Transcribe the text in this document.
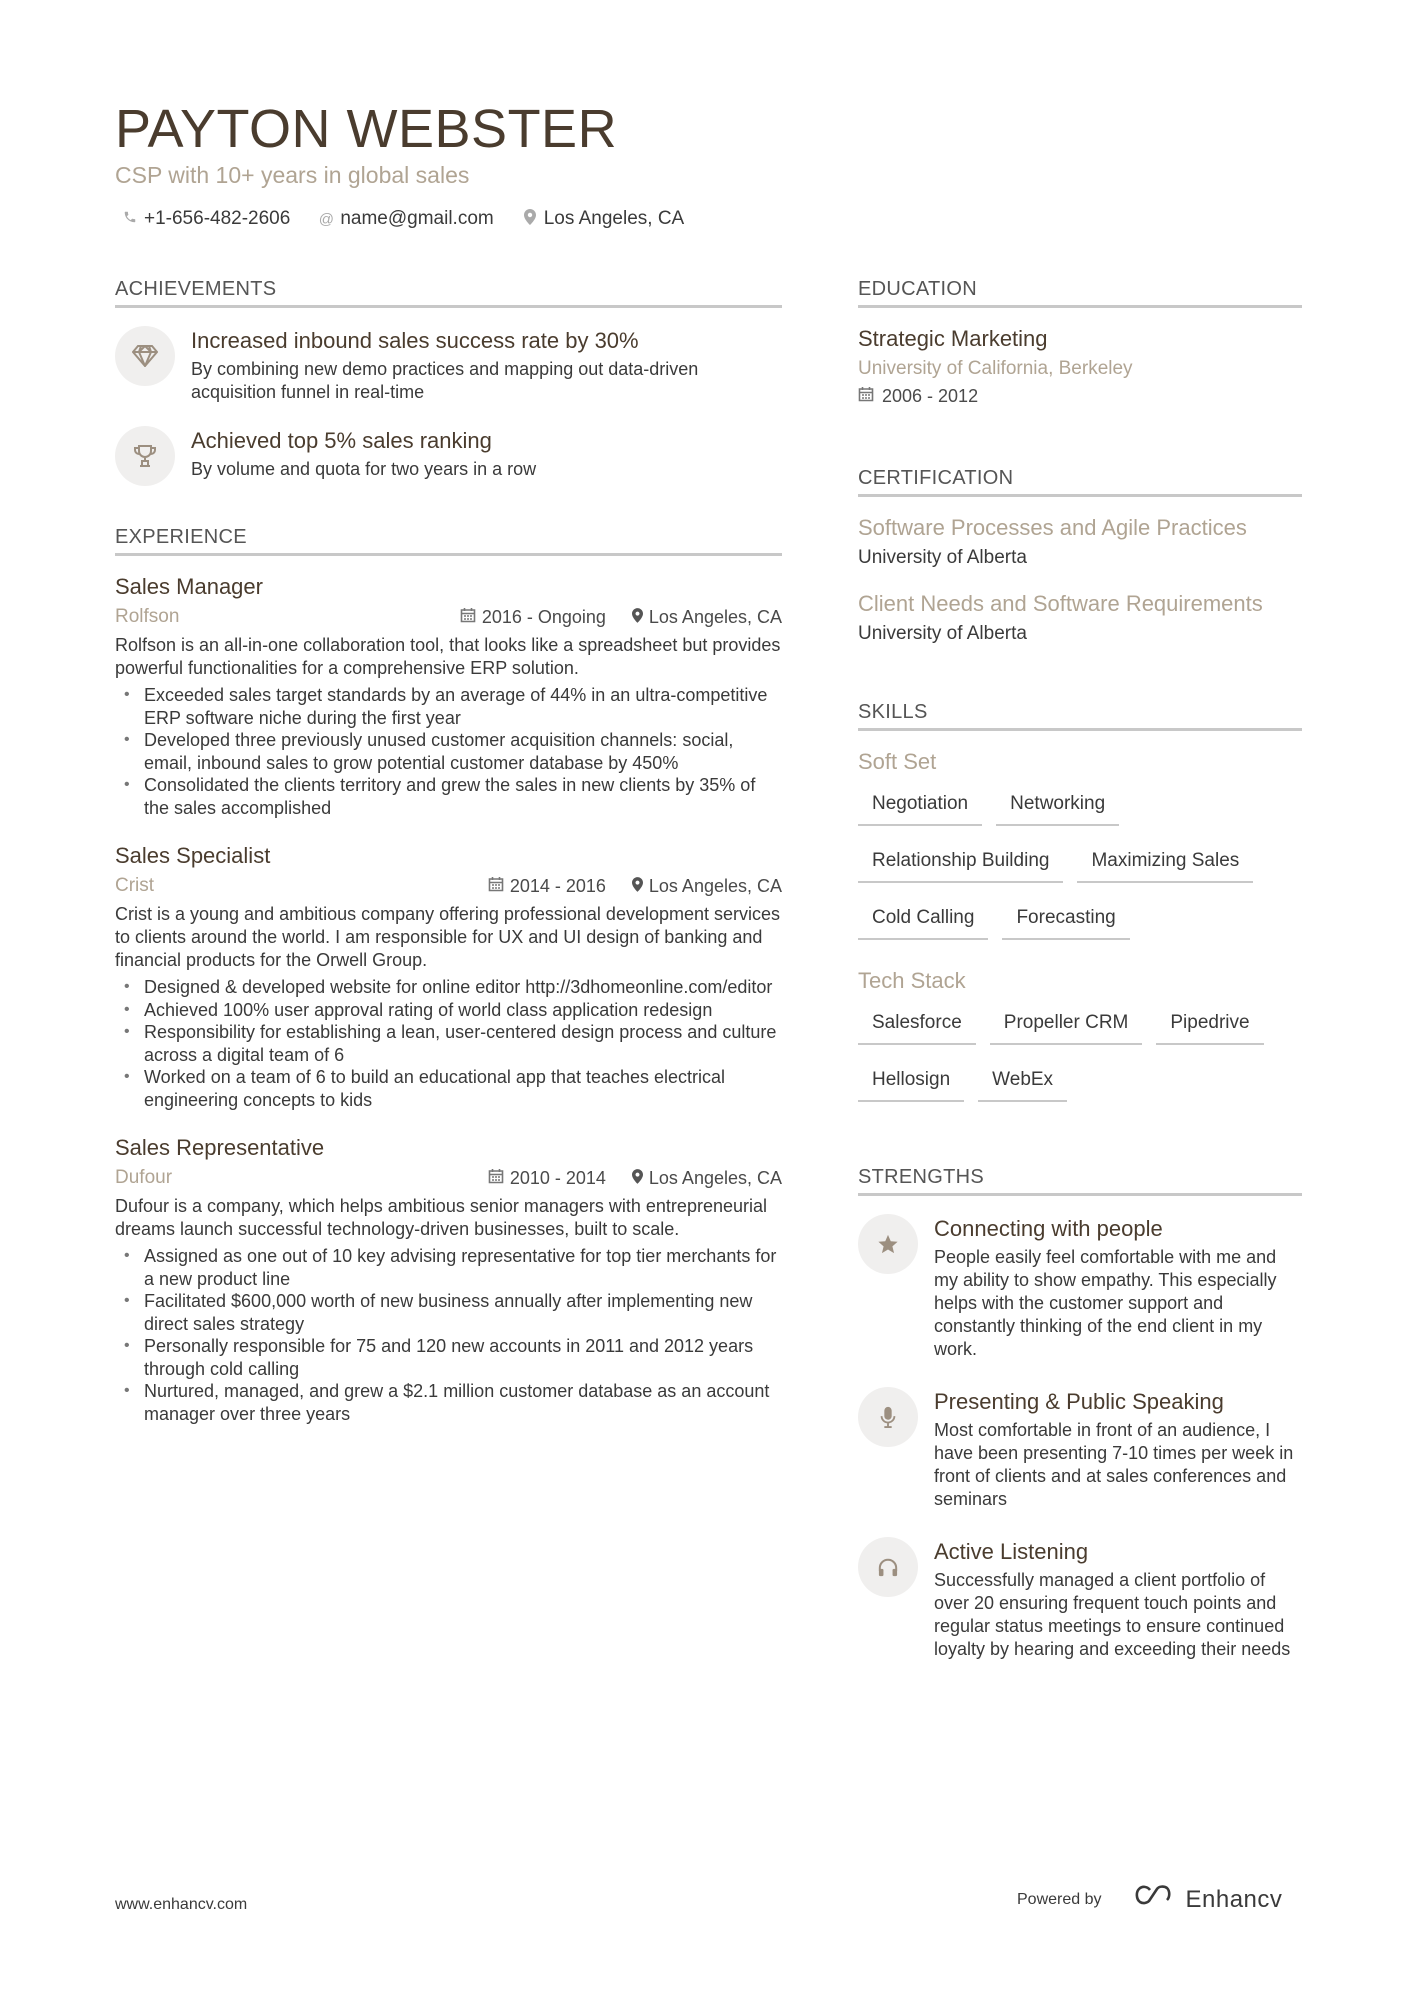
PAYTON WEBSTER
CSP with 10+ years in global sales
+1-656-482-2606 @ name@gmail.com	Los Angeles, CA
ACHIEVEMENTS
Increased inbound sales success rate by 30%
By combining new demo practices and mapping out data-driven acquisition funnel in real-time
Achieved top 5% sales ranking
By volume and quota for two years in a row
EXPERIENCE
Sales Manager
Rolfson	2016 - Ongoing Los Angeles, CA
Rolfson is an all-in-one collaboration tool, that looks like a spreadsheet but provides powerful functionalities for a comprehensive ERP solution.
• Exceeded sales target standards by an average of 44% in an ultra-competitive ERP software niche during the first year
• Developed three previously unused customer acquisition channels: social, email, inbound sales to grow potential customer database by 450%
• Consolidated the clients territory and grew the sales in new clients by 35% of the sales accomplished
Sales Specialist
Crist	2014 - 2016 Los Angeles, CA
Crist is a young and ambitious company offering professional development services to clients around the world. I am responsible for UX and UI design of banking and financial products for the Orwell Group.
• Designed & developed website for online editor http://3dhomeonline.com/editor
• Achieved 100% user approval rating of world class application redesign
• Responsibility for establishing a lean, user-centered design process and culture across a digital team of 6
• Worked on a team of 6 to build an educational app that teaches electrical engineering concepts to kids
Sales Representative
Dufour	2010 - 2014 Los Angeles, CA
Dufour is a company, which helps ambitious senior managers with entrepreneurial dreams launch successful technology-driven businesses, built to scale.
• Assigned as one out of 10 key advising representative for top tier merchants for a new product line
• Facilitated $600,000 worth of new business annually after implementing new direct sales strategy
• Personally responsible for 75 and 120 new accounts in 2011 and 2012 years through cold calling
• Nurtured, managed, and grew a $2.1 million customer database as an account manager over three years
EDUCATION
Strategic Marketing
University of California, Berkeley
2006 - 2012
CERTIFICATION
Software Processes and Agile Practices
University of Alberta
Client Needs and Software Requirements
University of Alberta
SKILLS
Soft Set
Negotiation	Networking
Relationship Building	Maximizing Sales
Cold Calling	Forecasting
Tech Stack
Salesforce	Propeller CRM	Pipedrive
Hellosign	WebEx
STRENGTHS
Connecting with people
People easily feel comfortable with me and my ability to show empathy. This especially helps with the customer support and constantly thinking of the end client in my work.
Presenting & Public Speaking
Most comfortable in front of an audience, I have been presenting 7-10 times per week in front of clients and at sales conferences and seminars
Active Listening
Successfully managed a client portfolio of over 20 ensuring frequent touch points and regular status meetings to ensure continued loyalty by hearing and exceeding their needs
www.enhancv.com	Powered by	Enhancv
